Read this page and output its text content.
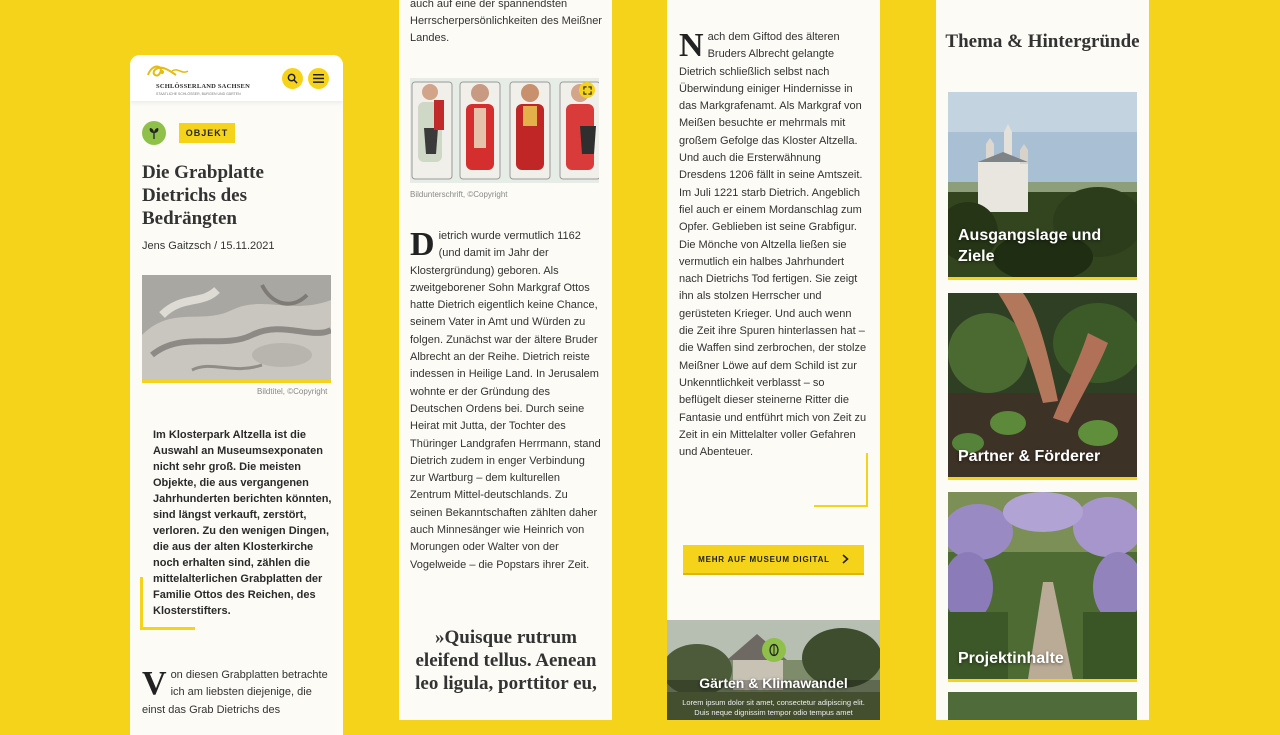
SCHLÖSSERLAND SACHSEN
STAATLICHE SCHLÖSSER, BURGEN UND GÄRTEN
OBJEKT
Die Grabplatte Dietrichs des Bedrängten
Jens Gaitzsch / 15.11.2021
Bildtitel, ©Copyright
Im Klosterpark Altzella ist die Auswahl an Museumsexponaten nicht sehr groß. Die meisten Objekte, die aus vergangenen Jahrhunderten berichten könnten, sind längst verkauft, zerstört, verloren. Zu den wenigen Dingen, die aus der alten Klosterkirche noch erhalten sind, zählen die mittelalterlichen Grabplatten der Familie Ottos des Reichen, des Klosterstifters.
V on diesen Grabplatten betrachte ich am liebsten diejenige, die einst das Grab Dietrichs des
auch auf eine der spannendsten Herrscherpersönlichkeiten des Meißner Landes.
Bildunterschrift, ©Copyright
D ietrich wurde vermutlich 1162 (und damit im Jahr der Klostergründung) geboren. Als zweitgeborener Sohn Markgraf Ottos hatte Dietrich eigentlich keine Chance, seinem Vater in Amt und Würden zu folgen. Zunächst war der ältere Bruder Albrecht an der Reihe. Dietrich reiste indessen in Heilige Land. In Jerusalem wohnte er der Gründung des Deutschen Ordens bei. Durch seine Heirat mit Jutta, der Tochter des Thüringer Landgrafen Herrmann, stand Dietrich zudem in enger Verbindung zur Wartburg – dem kulturellen Zentrum Mittel-deutschlands. Zu seinen Bekanntschaften zählten daher auch Minnesänger wie Heinrich von Morungen oder Walter von der Vogelweide – die Popstars ihrer Zeit.
»Quisque rutrum eleifend tellus. Aenean leo ligula, porttitor eu,
N ach dem Giftod des älteren Bruders Albrecht gelangte Dietrich schließlich selbst nach Überwindung einiger Hindernisse in das Markgrafenamt. Als Markgraf von Meißen besuchte er mehrmals mit großem Gefolge das Kloster Altzella. Und auch die Ersterwähnung Dresdens 1206 fällt in seine Amtszeit. Im Juli 1221 starb Dietrich. Angeblich fiel auch er einem Mordanschlag zum Opfer. Geblieben ist seine Grabfigur. Die Mönche von Altzella ließen sie vermutlich ein halbes Jahrhundert nach Dietrichs Tod fertigen. Sie zeigt ihn als stolzen Herrscher und gerüsteten Krieger. Und auch wenn die Zeit ihre Spuren hinterlassen hat – die Waffen sind zerbrochen, der stolze Meißner Löwe auf dem Schild ist zur Unkenntlichkeit verblasst – so beflügelt dieser steinerne Ritter die Fantasie und entführt mich von Zeit zu Zeit in ein Mittelalter voller Gefahren und Abenteuer.
MEHR AUF MUSEUM DIGITAL
Gärten & Klimawandel
Lorem ipsum dolor sit amet, consectetur adipiscing elit. Duis neque dignissim tempor odio tempus amet
Thema & Hintergründe
Ausgangslage und Ziele
Partner & Förderer
Projektinhalte
